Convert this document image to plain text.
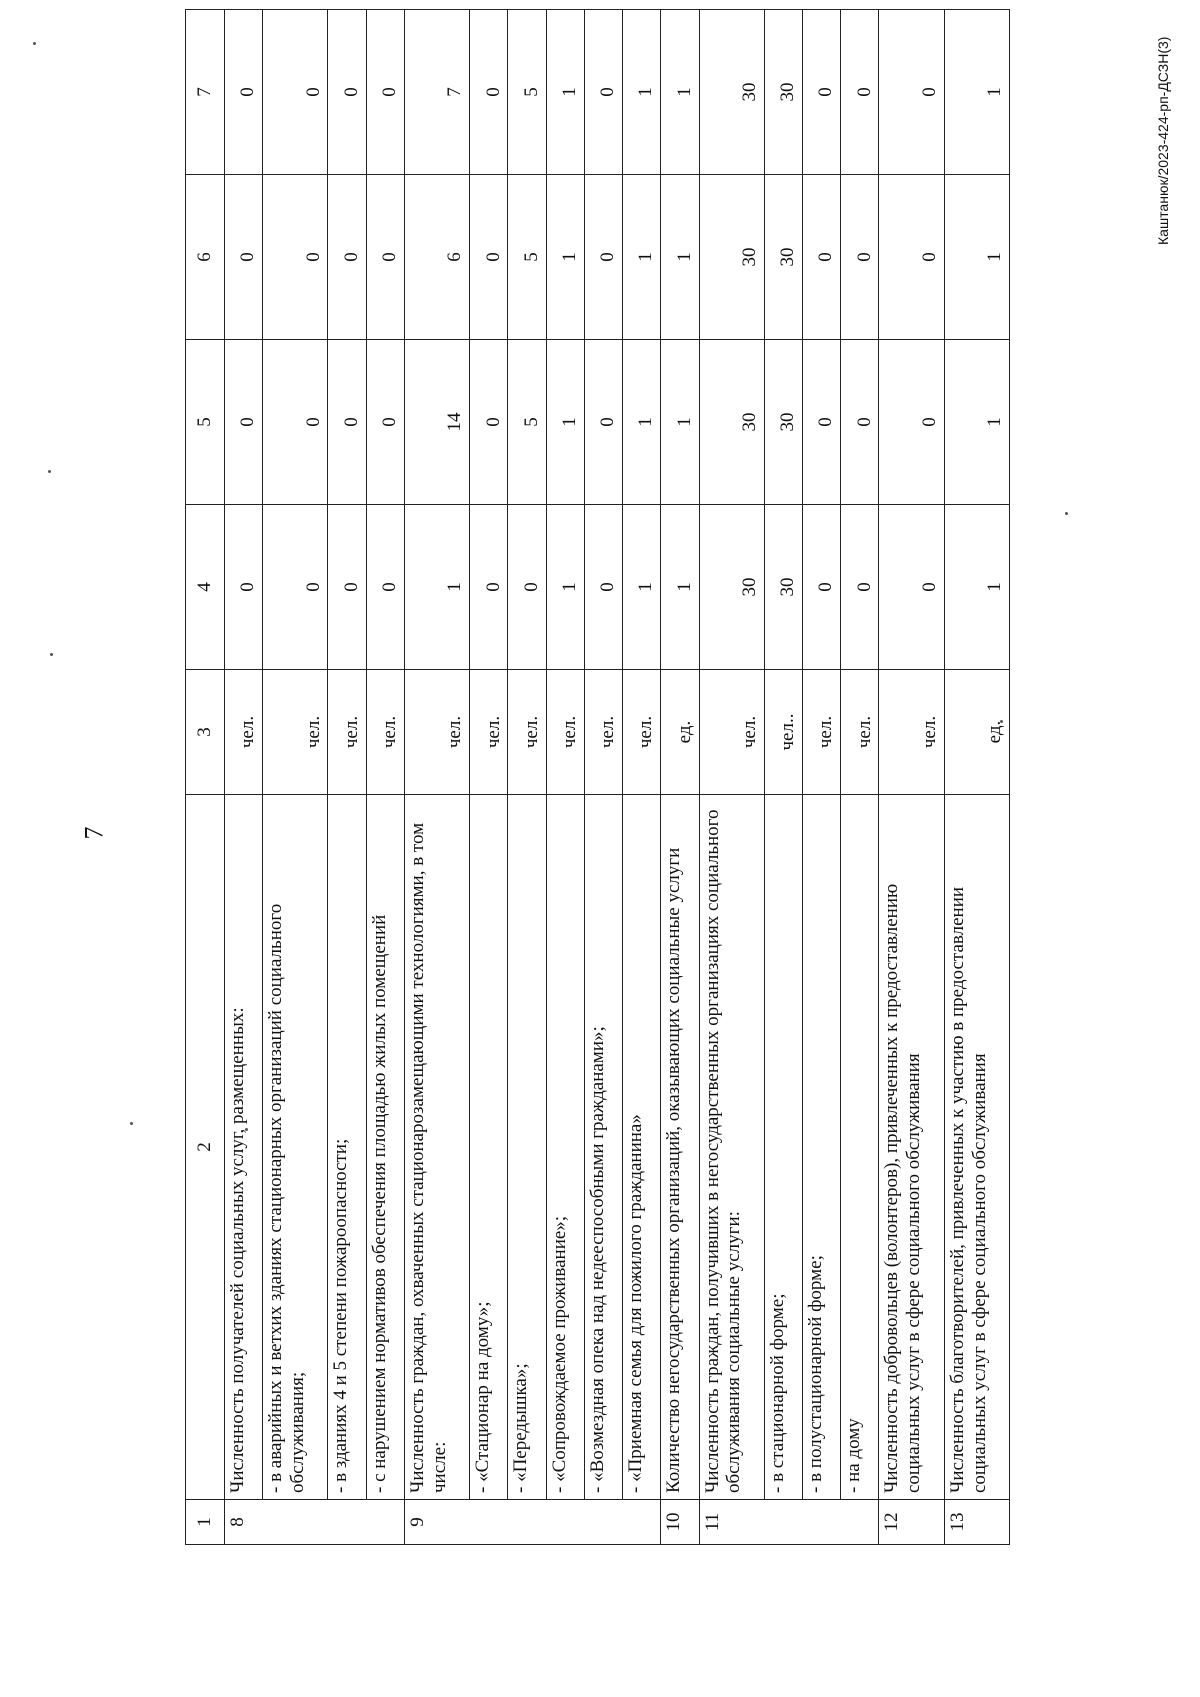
7
Каштанюк/2023-424-рп-ДСЗН(3)
1	2	3	4	5	6	7
8	Численность получателей социальных услуг, размещенных:	чел.	0	0	0	0
	- в аварийных и ветхих зданиях стационарных организаций социального обслуживания;	чел.	0	0	0	0
	- в зданиях 4 и 5 степени пожароопасности;	чел.	0	0	0	0
	- с нарушением нормативов обеспечения площадью жилых помещений	чел.	0	0	0	0
9	Численность граждан, охваченных стационарозамещающими технологиями, в том числе:	чел.	1	14	6	7
	- «Стационар на дому»;	чел.	0	0	0	0
	- «Передышка»;	чел.	0	5	5	5
	- «Сопровождаемое проживание»;	чел.	1	1	1	1
	- «Возмездная опека над недееспособными гражданами»;	чел.	0	0	0	0
	- «Приемная семья для пожилого гражданина»	чел.	1	1	1	1
10	Количество негосударственных организаций, оказывающих социальные услуги	ед.	1	1	1	1
11	Численность граждан, получивших в негосударственных организациях социального обслуживания социальные услуги:	чел.	30	30	30	30
	- в стационарной форме;	чел..	30	30	30	30
	- в полустационарной форме;	чел.	0	0	0	0
	- на дому	чел.	0	0	0	0
12	Численность добровольцев (волонтеров), привлеченных к предоставлению социальных услуг в сфере социального обслуживания	чел.	0	0	0	0
13	Численность благотворителей, привлеченных к участию в предоставлении социальных услуг в сфере социального обслуживания	ед.	1	1	1	1
